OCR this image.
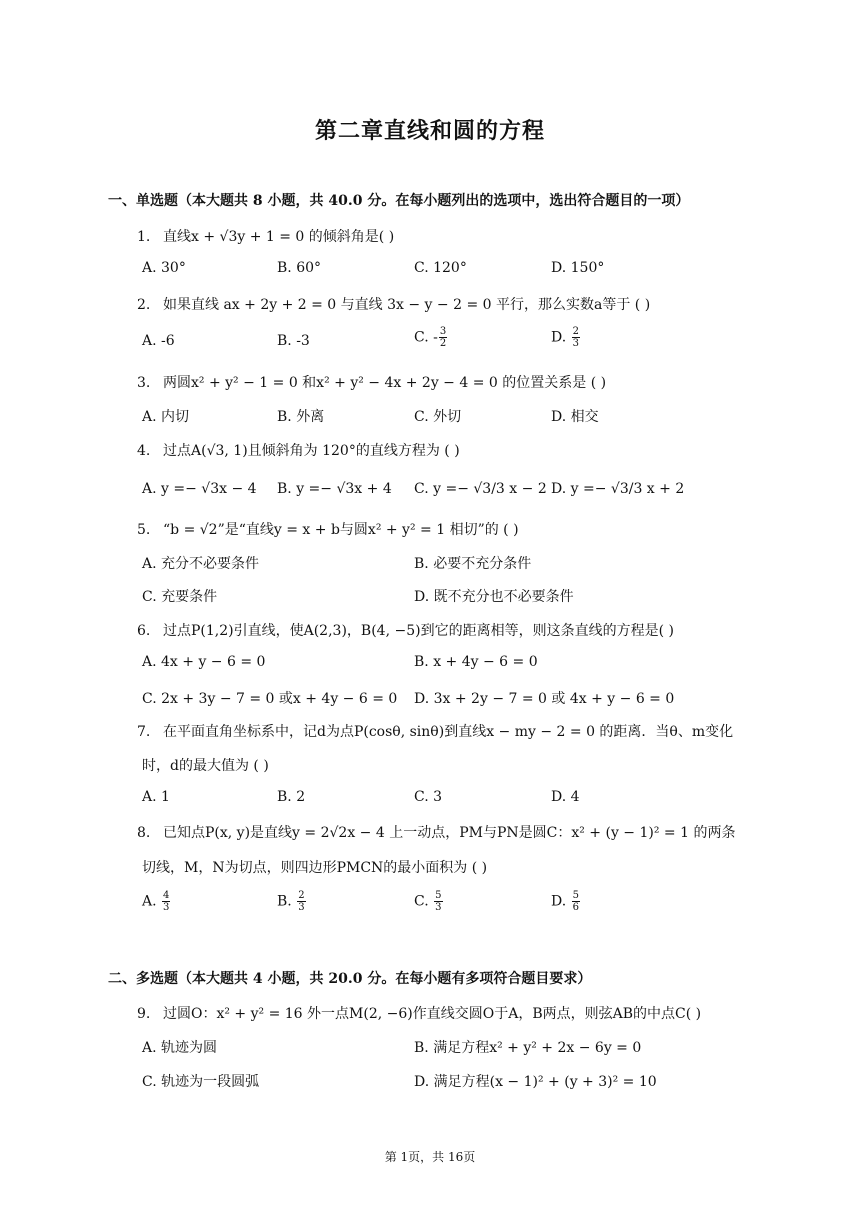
第二章直线和圆的方程
一、单选题（本大题共 8 小题，共 40.0 分。在每小题列出的选项中，选出符合题目的一项）
1. 直线x + √3y + 1 = 0 的倾斜角是( )
A. 30°	B. 60°	C. 120°	D. 150°
2. 如果直线 ax + 2y + 2 = 0 与直线 3x − y − 2 = 0 平行，那么实数a等于 ( )
A. -6	B. -3	C. - $\frac{3}{2}$	D. $\frac{2}{3}$
3. 两圆x² + y² − 1 = 0 和x² + y² − 4x + 2y − 4 = 0 的位置关系是 ( )
A. 内切	B. 外离	C. 外切	D. 相交
4. 过点A(√3, 1)且倾斜角为 120°的直线方程为 ( )
A. y =− √3x − 4 B. y =− √3x + 4 C. y =− √3/3 x − 2 D. y =− √3/3 x + 2
5. “b = √2”是“直线y = x + b与圆x² + y² = 1 相切”的 ( )
A. 充分不必要条件	B. 必要不充分条件
C. 充要条件	D. 既不充分也不必要条件
6. 过点P(1,2)引直线，使A(2,3)，B(4, −5)到它的距离相等，则这条直线的方程是( )
A. 4x + y − 6 = 0	B. x + 4y − 6 = 0
C. 2x + 3y − 7 = 0 或x + 4y − 6 = 0 D. 3x + 2y − 7 = 0 或 4x + y − 6 = 0
7. 在平面直角坐标系中，记d为点P(cosθ, sinθ)到直线x − my − 2 = 0 的距离．当θ、m变化
时，d的最大值为 ( )
A. 1	B. 2	C. 3	D. 4
8. 已知点P(x, y)是直线y = 2√2x − 4 上一动点，PM与PN是圆C：x² + (y − 1)² = 1 的两条
切线，M，N为切点，则四边形PMCN的最小面积为 ( )
A. $\frac{4}{3}$	B. $\frac{2}{3}$	C. $\frac{5}{3}$	D. $\frac{5}{6}$
二、多选题（本大题共 4 小题，共 20.0 分。在每小题有多项符合题目要求）
9. 过圆O：x² + y² = 16 外一点M(2, −6)作直线交圆O于A，B两点，则弦AB的中点C( )
A. 轨迹为圆	B. 满足方程x² + y² + 2x − 6y = 0
C. 轨迹为一段圆弧	D. 满足方程(x − 1)² + (y + 3)² = 10
第 1页，共 16页
